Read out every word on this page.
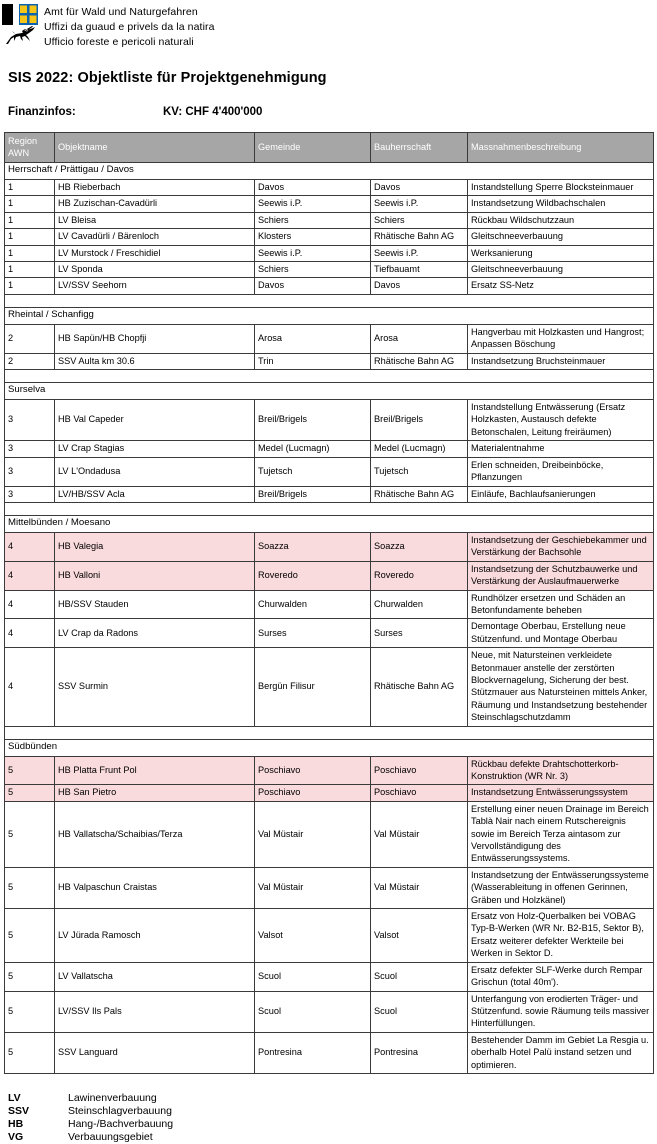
Amt für Wald und Naturgefahren
Uffizi da guaud e privels da la natira
Ufficio foreste e pericoli naturali
SIS 2022: Objektliste für Projektgenehmigung
Finanzinfos:	KV: CHF 4'400'000
Region
AWN	Objektname	Gemeinde	Bauherrschaft	Massnahmenbeschreibung
Herrschaft / Prättigau / Davos				
1	HB Rieberbach	Davos	Davos	Instandstellung Sperre Blocksteinmauer
1	HB Zuzischan-Cavadürli	Seewis i.P.	Seewis i.P.	Instandsetzung Wildbachschalen
1	LV Bleisa	Schiers	Schiers	Rückbau Wildschutzzaun
1	LV Cavadürli / Bärenloch	Klosters	Rhätische Bahn AG	Gleitschneeverbauung
1	LV Murstock / Freschidiel	Seewis i.P.	Seewis i.P.	Werksanierung
1	LV Sponda	Schiers	Tiefbauamt	Gleitschneeverbauung
1	LV/SSV Seehorn	Davos	Davos	Ersatz SS-Netz

Rheintal / Schanfigg				
2	HB Sapün/HB Chopfji	Arosa	Arosa	Hangverbau mit Holzkasten und Hangrost; Anpassen Böschung
2	SSV Aulta km 30.6	Trin	Rhätische Bahn AG	Instandsetzung Bruchsteinmauer

Surselva				
3	HB Val Capeder	Breil/Brigels	Breil/Brigels	Instandstellung Entwässerung (Ersatz Holzkasten, Austausch defekte Betonschalen, Leitung freiräumen)
3	LV Crap Stagias	Medel (Lucmagn)	Medel (Lucmagn)	Materialentnahme
3	LV L'Ondadusa	Tujetsch	Tujetsch	Erlen schneiden, Dreibeinböcke, Pflanzungen
3	LV/HB/SSV Acla	Breil/Brigels	Rhätische Bahn AG	Einläufe, Bachlaufsanierungen

Mittelbünden / Moesano				
4	HB Valegia	Soazza	Soazza	Instandsetzung der Geschiebekammer und Verstärkung der Bachsohle
4	HB Valloni	Roveredo	Roveredo	Instandsetzung der Schutzbauwerke und Verstärkung der Auslaufmauerwerke
4	HB/SSV Stauden	Churwalden	Churwalden	Rundhölzer ersetzen und Schäden an Betonfundamente beheben
4	LV Crap da Radons	Surses	Surses	Demontage Oberbau, Erstellung neue Stützenfund. und Montage Oberbau
4	SSV Surmin	Bergün Filisur	Rhätische Bahn AG	Neue, mit Natursteinen verkleidete Betonmauer anstelle der zerstörten Blockvernagelung, Sicherung der best. Stützmauer aus Natursteinen mittels Anker, Räumung und Instandsetzung bestehender Steinschlagschutzdamm

Südbünden				
5	HB Platta Frunt Pol	Poschiavo	Poschiavo	Rückbau defekte Drahtschotterkorb-Konstruktion (WR Nr. 3)
5	HB San Pietro	Poschiavo	Poschiavo	Instandsetzung Entwässerungssystem
5	HB Vallatscha/Schaibias/Terza	Val Müstair	Val Müstair	Erstellung einer neuen Drainage im Bereich Tablà Nair nach einem Rutschereignis sowie im Bereich Terza aintasom zur Vervollständigung des Entwässerungssystems.
5	HB Valpaschun Craistas	Val Müstair	Val Müstair	Instandsetzung der Entwässerungssysteme (Wasserableitung in offenen Gerinnen, Gräben und Holzkänel)
5	LV Jürada Ramosch	Valsot	Valsot	Ersatz von Holz-Querbalken bei VOBAG Typ-B-Werken (WR Nr. B2-B15, Sektor B), Ersatz weiterer defekter Werkteile bei Werken in Sektor D.
5	LV Vallatscha	Scuol	Scuol	Ersatz defekter SLF-Werke durch Rempar Grischun (total 40m').
5	LV/SSV Ils Pals	Scuol	Scuol	Unterfangung von erodierten Träger- und Stützenfund. sowie Räumung teils massiver Hinterfüllungen.
5	SSV Languard	Pontresina	Pontresina	Bestehender Damm im Gebiet La Resgia u. oberhalb Hotel Palü instand setzen und optimieren.
LV	Lawinenverbauung
SSV	Steinschlagverbauung
HB	Hang-/Bachverbauung
VG	Verbauungsgebiet
